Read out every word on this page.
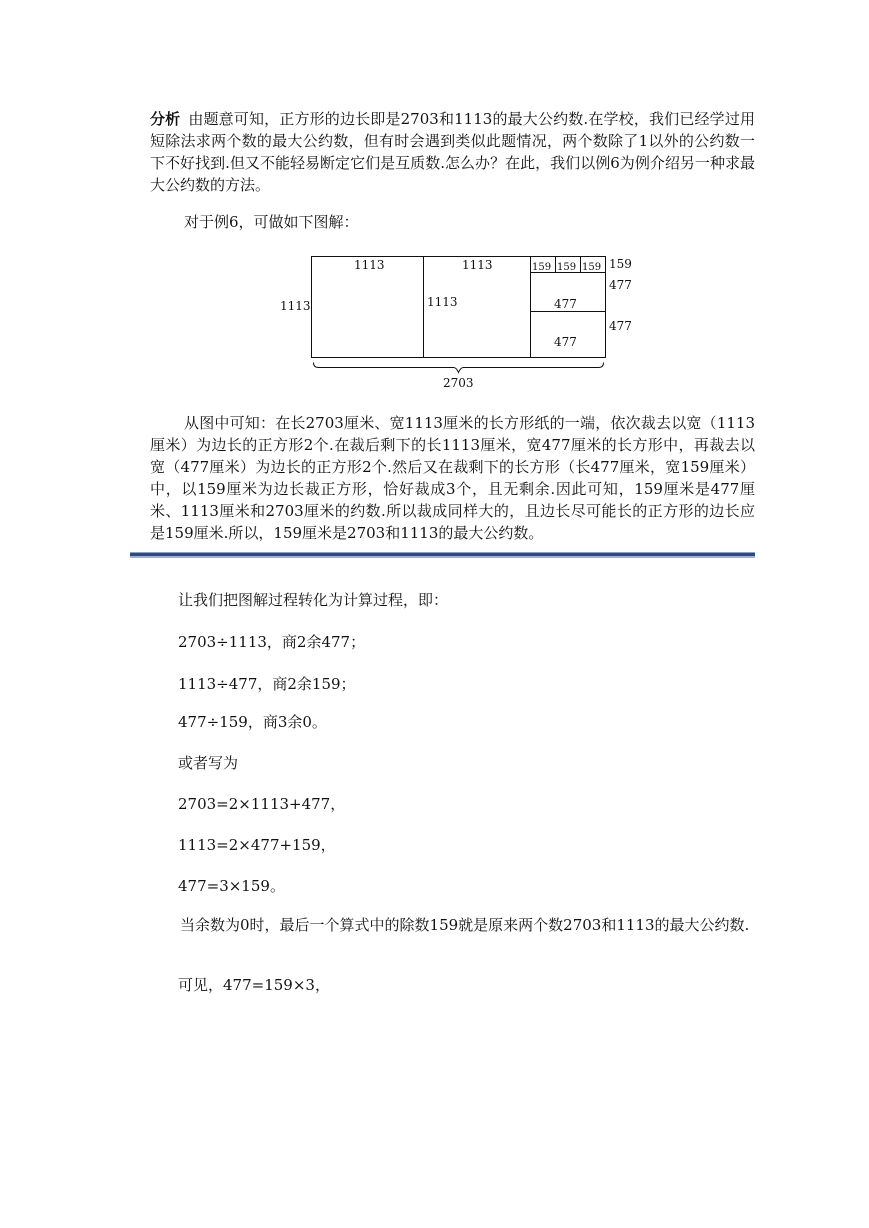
分析 由题意可知，正方形的边长即是2703和1113的最大公约数.在学校，我们已经学过用短除法求两个数的最大公约数，但有时会遇到类似此题情况，两个数除了1以外的公约数一下不好找到.但又不能轻易断定它们是互质数.怎么办？在此，我们以例6为例介绍另一种求最大公约数的方法。

对于例6，可做如下图解：

1113
1113	1113
1113
159 159 159 159
477
477
477
477
2703

从图中可知：在长2703厘米、宽1113厘米的长方形纸的一端，依次裁去以宽（1113厘米）为边长的正方形2个.在裁后剩下的长1113厘米，宽477厘米的长方形中，再裁去以宽（477厘米）为边长的正方形2个.然后又在裁剩下的长方形（长477厘米，宽159厘米）中，以159厘米为边长裁正方形，恰好裁成3个，且无剩余.因此可知，159厘米是477厘米、1113厘米和2703厘米的约数.所以裁成同样大的，且边长尽可能长的正方形的边长应是159厘米.所以，159厘米是2703和1113的最大公约数。

让我们把图解过程转化为计算过程，即：
2703÷1113，商2余477；
1113÷477，商2余159；
477÷159，商3余0。
或者写为
2703=2×1113+477，
1113=2×477+159，
477=3×159。

当余数为0时，最后一个算式中的除数159就是原来两个数2703和1113的最大公约数.

可见，477=159×3，
